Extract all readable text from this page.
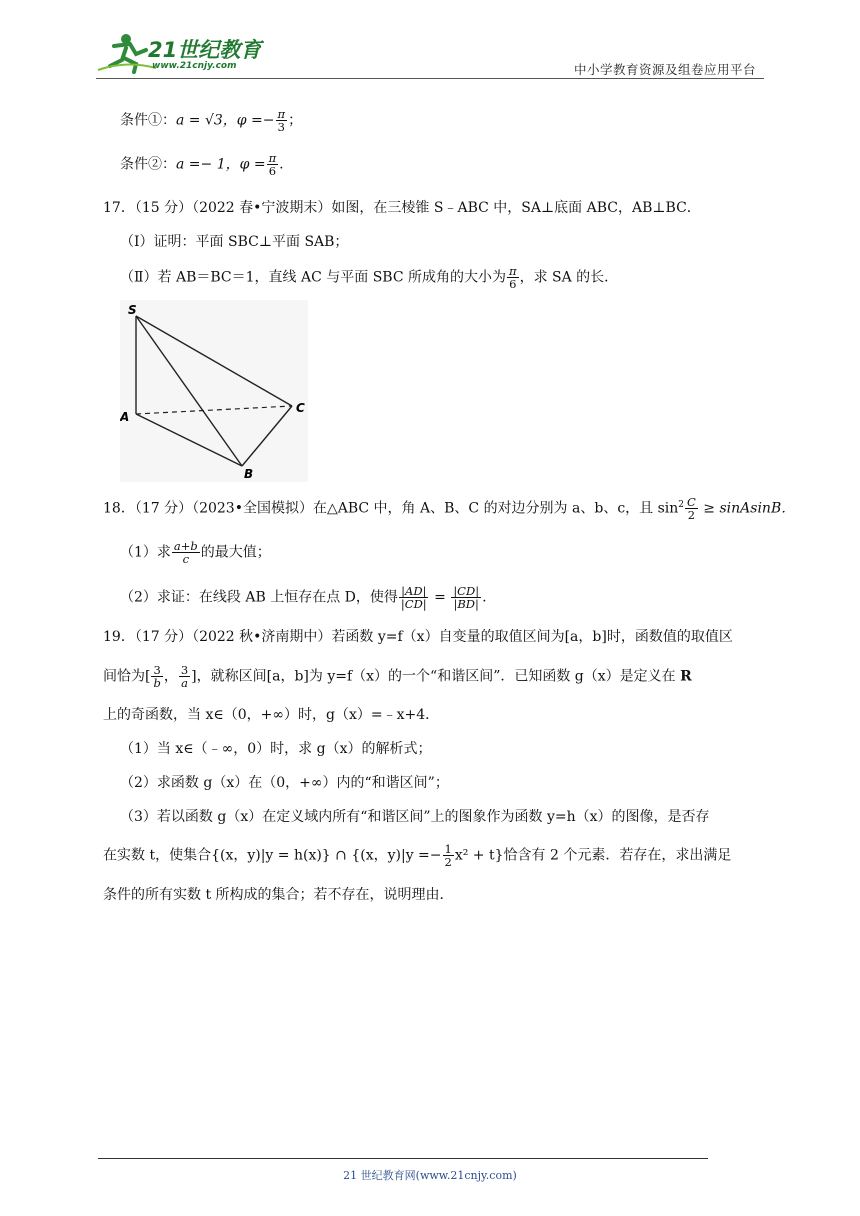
21世纪教育
www.21cnjy.com	中小学教育资源及组卷应用平台
条件①：a = √3，$\varphi =- \frac{\pi}{3}$ ；
条件②：a =− 1，$\varphi = \frac{\pi}{6}$ .
17．（15 分）（2022 春•宁波期末）如图，在三棱锥 S﹣ABC 中，SA⊥底面 ABC，AB⊥BC．
（Ⅰ）证明：平面 SBC⊥平面 SAB；
（Ⅱ）若 AB＝BC＝1，直线 AC 与平面 SBC 所成角的大小为 $\frac{\pi}{6}$ ，求 SA 的长．
S
A
B
C
18．（17 分）（2023•全国模拟）在△ABC 中，角 A、B、C 的对边分别为 a、b、c，且 $\sin^2 \frac{C}{2}$ ≥ sinAsinB．
（1）求 $\frac{a+b}{c}$ 的最大值；
（2）求证：在线段 AB 上恒存在点 D，使得 $\frac{|AD|}{|CD|} = \frac{|CD|}{|BD|}$ .
19．（17 分）（2022 秋•济南期中）若函数 y=f（x）自变量的取值区间为[a，b]时，函数值的取值区
间恰为[ $\frac{3}{b}$ ， $\frac{3}{a}$ ]，就称区间[a，b]为 y=f（x）的一个“和谐区间”．已知函数 g（x）是定义在 R
上的奇函数，当 x∈（0，+∞）时，g（x）=﹣x+4．
（1）当 x∈（﹣∞，0）时，求 g（x）的解析式；
（2）求函数 g（x）在（0，+∞）内的“和谐区间”；
（3）若以函数 g（x）在定义域内所有“和谐区间”上的图象作为函数 y=h（x）的图像，是否存
在实数 t，使集合{(x，y)|y = h(x)} ∩ {(x，$y)|y =- \frac{1}{2} x^2 + t$}恰含有 2 个元素．若存在，求出满足
条件的所有实数 t 所构成的集合；若不存在，说明理由．
21 世纪教育网(www.21cnjy.com)
